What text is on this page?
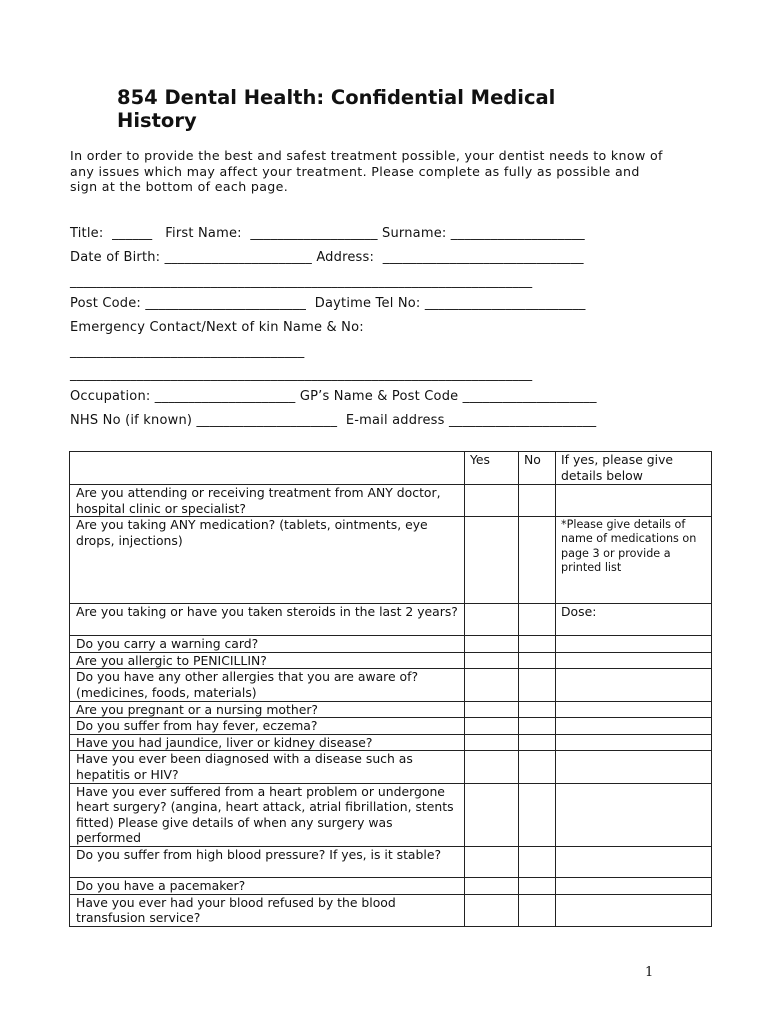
854 Dental Health: Confidential Medical History

In order to provide the best and safest treatment possible, your dentist needs to know of any issues which may affect your treatment. Please complete as fully as possible and sign at the bottom of each page.

Title:  ______   First Name:  ___________________ Surname: ____________________
Date of Birth: ______________________ Address:  ______________________________
_____________________________________________________________________
Post Code: ________________________  Daytime Tel No: ________________________
Emergency Contact/Next of kin Name & No:
___________________________________
_____________________________________________________________________
Occupation: _____________________ GP’s Name & Post Code ____________________
NHS No (if known) _____________________  E-mail address ______________________
	Yes	No	If yes, please give details below
Are you attending or receiving treatment from ANY doctor, hospital clinic or specialist?			
Are you taking ANY medication? (tablets, ointments, eye drops, injections)			*Please give details of name of medications on page 3 or provide a printed list

Are you taking or have you taken steroids in the last 2 years?			Dose:
Do you carry a warning card?			
Are you allergic to PENICILLIN?			
Do you have any other allergies that you are aware of? (medicines, foods, materials)			
Are you pregnant or a nursing mother?			
Do you suffer from hay fever, eczema?			
Have you had jaundice, liver or kidney disease?			
Have you ever been diagnosed with a disease such as hepatitis or HIV?			
Have you ever suffered from a heart problem or undergone heart surgery? (angina, heart attack, atrial fibrillation, stents fitted) Please give details of when any surgery was performed			
Do you suffer from high blood pressure? If yes, is it stable?			
Do you have a pacemaker?			
Have you ever had your blood refused by the blood transfusion service?			
1
